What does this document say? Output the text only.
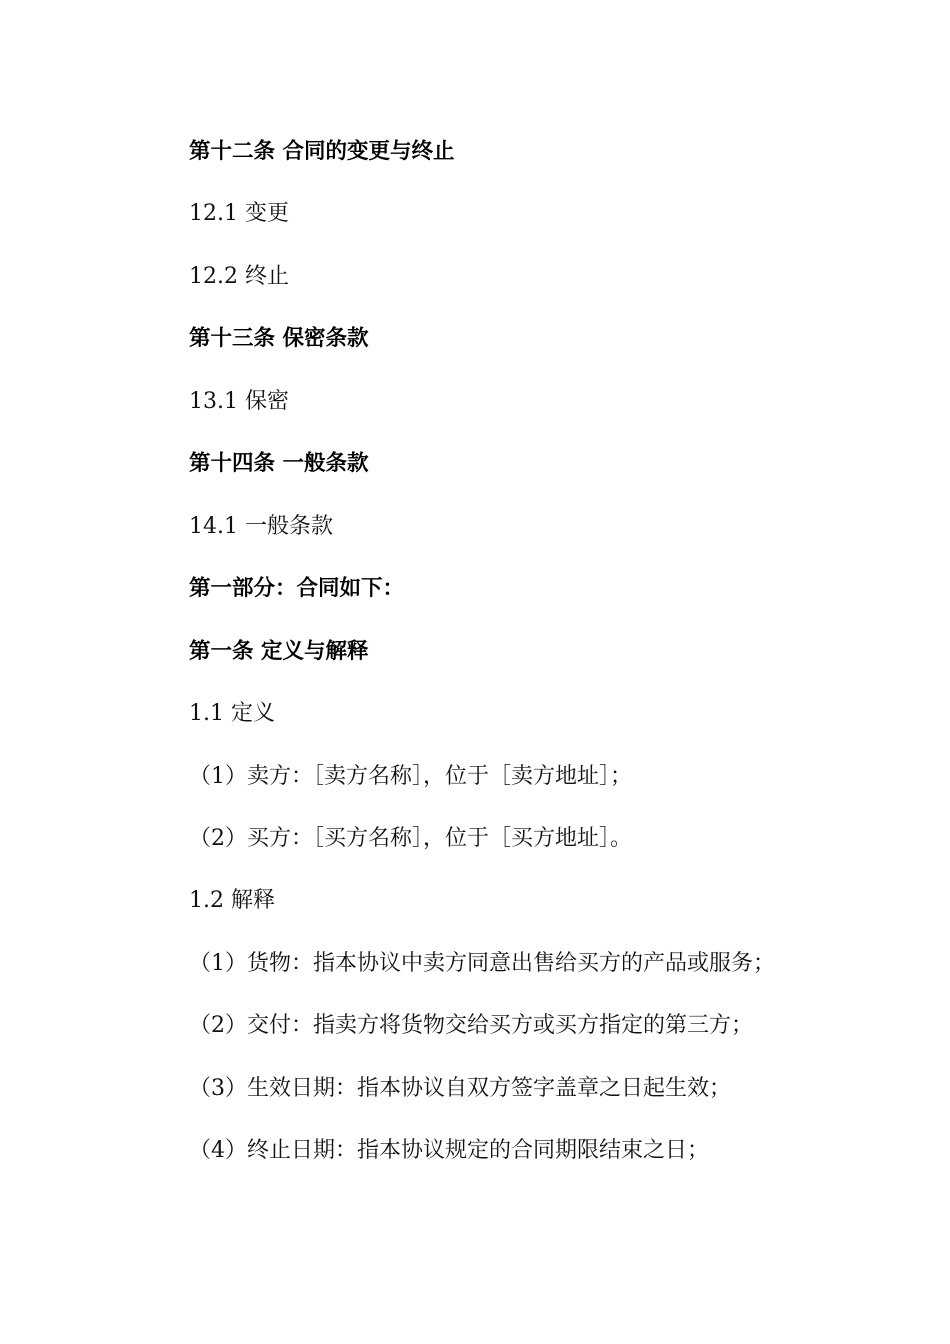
第十二条 合同的变更与终止
12.1 变更
12.2 终止
第十三条 保密条款
13.1 保密
第十四条 一般条款
14.1 一般条款
第一部分：合同如下：
第一条 定义与解释
1.1 定义
（1）卖方：［卖方名称］，位于［卖方地址］；
（2）买方：［买方名称］，位于［买方地址］。
1.2 解释
（1）货物：指本协议中卖方同意出售给买方的产品或服务；
（2）交付：指卖方将货物交给买方或买方指定的第三方；
（3）生效日期：指本协议自双方签字盖章之日起生效；
（4）终止日期：指本协议规定的合同期限结束之日；
